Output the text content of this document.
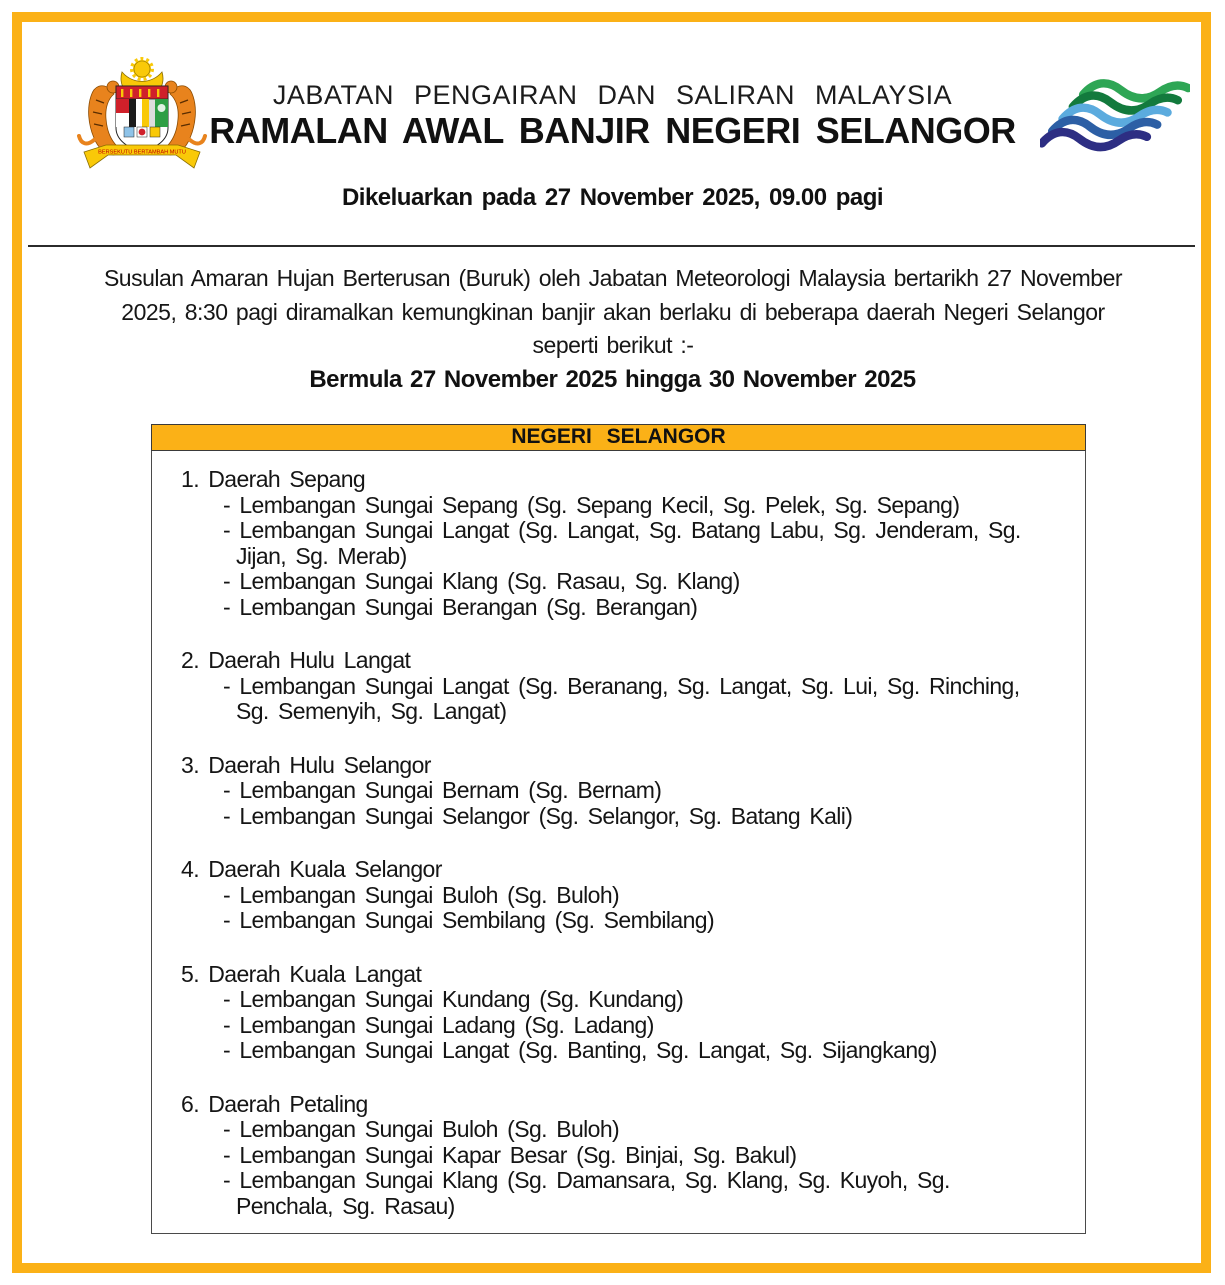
BERSEKUTU BERTAMBAH MUTU
JABATAN PENGAIRAN DAN SALIRAN MALAYSIA
RAMALAN AWAL BANJIR NEGERI SELANGOR
Dikeluarkan pada 27 November 2025, 09.00 pagi
Susulan Amaran Hujan Berterusan (Buruk) oleh Jabatan Meteorologi Malaysia bertarikh 27 November 2025, 8:30 pagi diramalkan kemungkinan banjir akan berlaku di beberapa daerah Negeri Selangor seperti berikut :-
Bermula 27 November 2025 hingga 30 November 2025
NEGERI SELANGOR
1. Daerah Sepang
- Lembangan Sungai Sepang (Sg. Sepang Kecil, Sg. Pelek, Sg. Sepang)
- Lembangan Sungai Langat (Sg. Langat, Sg. Batang Labu, Sg. Jenderam, Sg. Jijan, Sg. Merab)
- Lembangan Sungai Klang (Sg. Rasau, Sg. Klang)
- Lembangan Sungai Berangan (Sg. Berangan)
2. Daerah Hulu Langat
- Lembangan Sungai Langat (Sg. Beranang, Sg. Langat, Sg. Lui, Sg. Rinching, Sg. Semenyih, Sg. Langat)
3. Daerah Hulu Selangor
- Lembangan Sungai Bernam (Sg. Bernam)
- Lembangan Sungai Selangor (Sg. Selangor, Sg. Batang Kali)
4. Daerah Kuala Selangor
- Lembangan Sungai Buloh (Sg. Buloh)
- Lembangan Sungai Sembilang (Sg. Sembilang)
5. Daerah Kuala Langat
- Lembangan Sungai Kundang (Sg. Kundang)
- Lembangan Sungai Ladang (Sg. Ladang)
- Lembangan Sungai Langat (Sg. Banting, Sg. Langat, Sg. Sijangkang)
6. Daerah Petaling
- Lembangan Sungai Buloh (Sg. Buloh)
- Lembangan Sungai Kapar Besar (Sg. Binjai, Sg. Bakul)
- Lembangan Sungai Klang (Sg. Damansara, Sg. Klang, Sg. Kuyoh, Sg. Penchala, Sg. Rasau)
